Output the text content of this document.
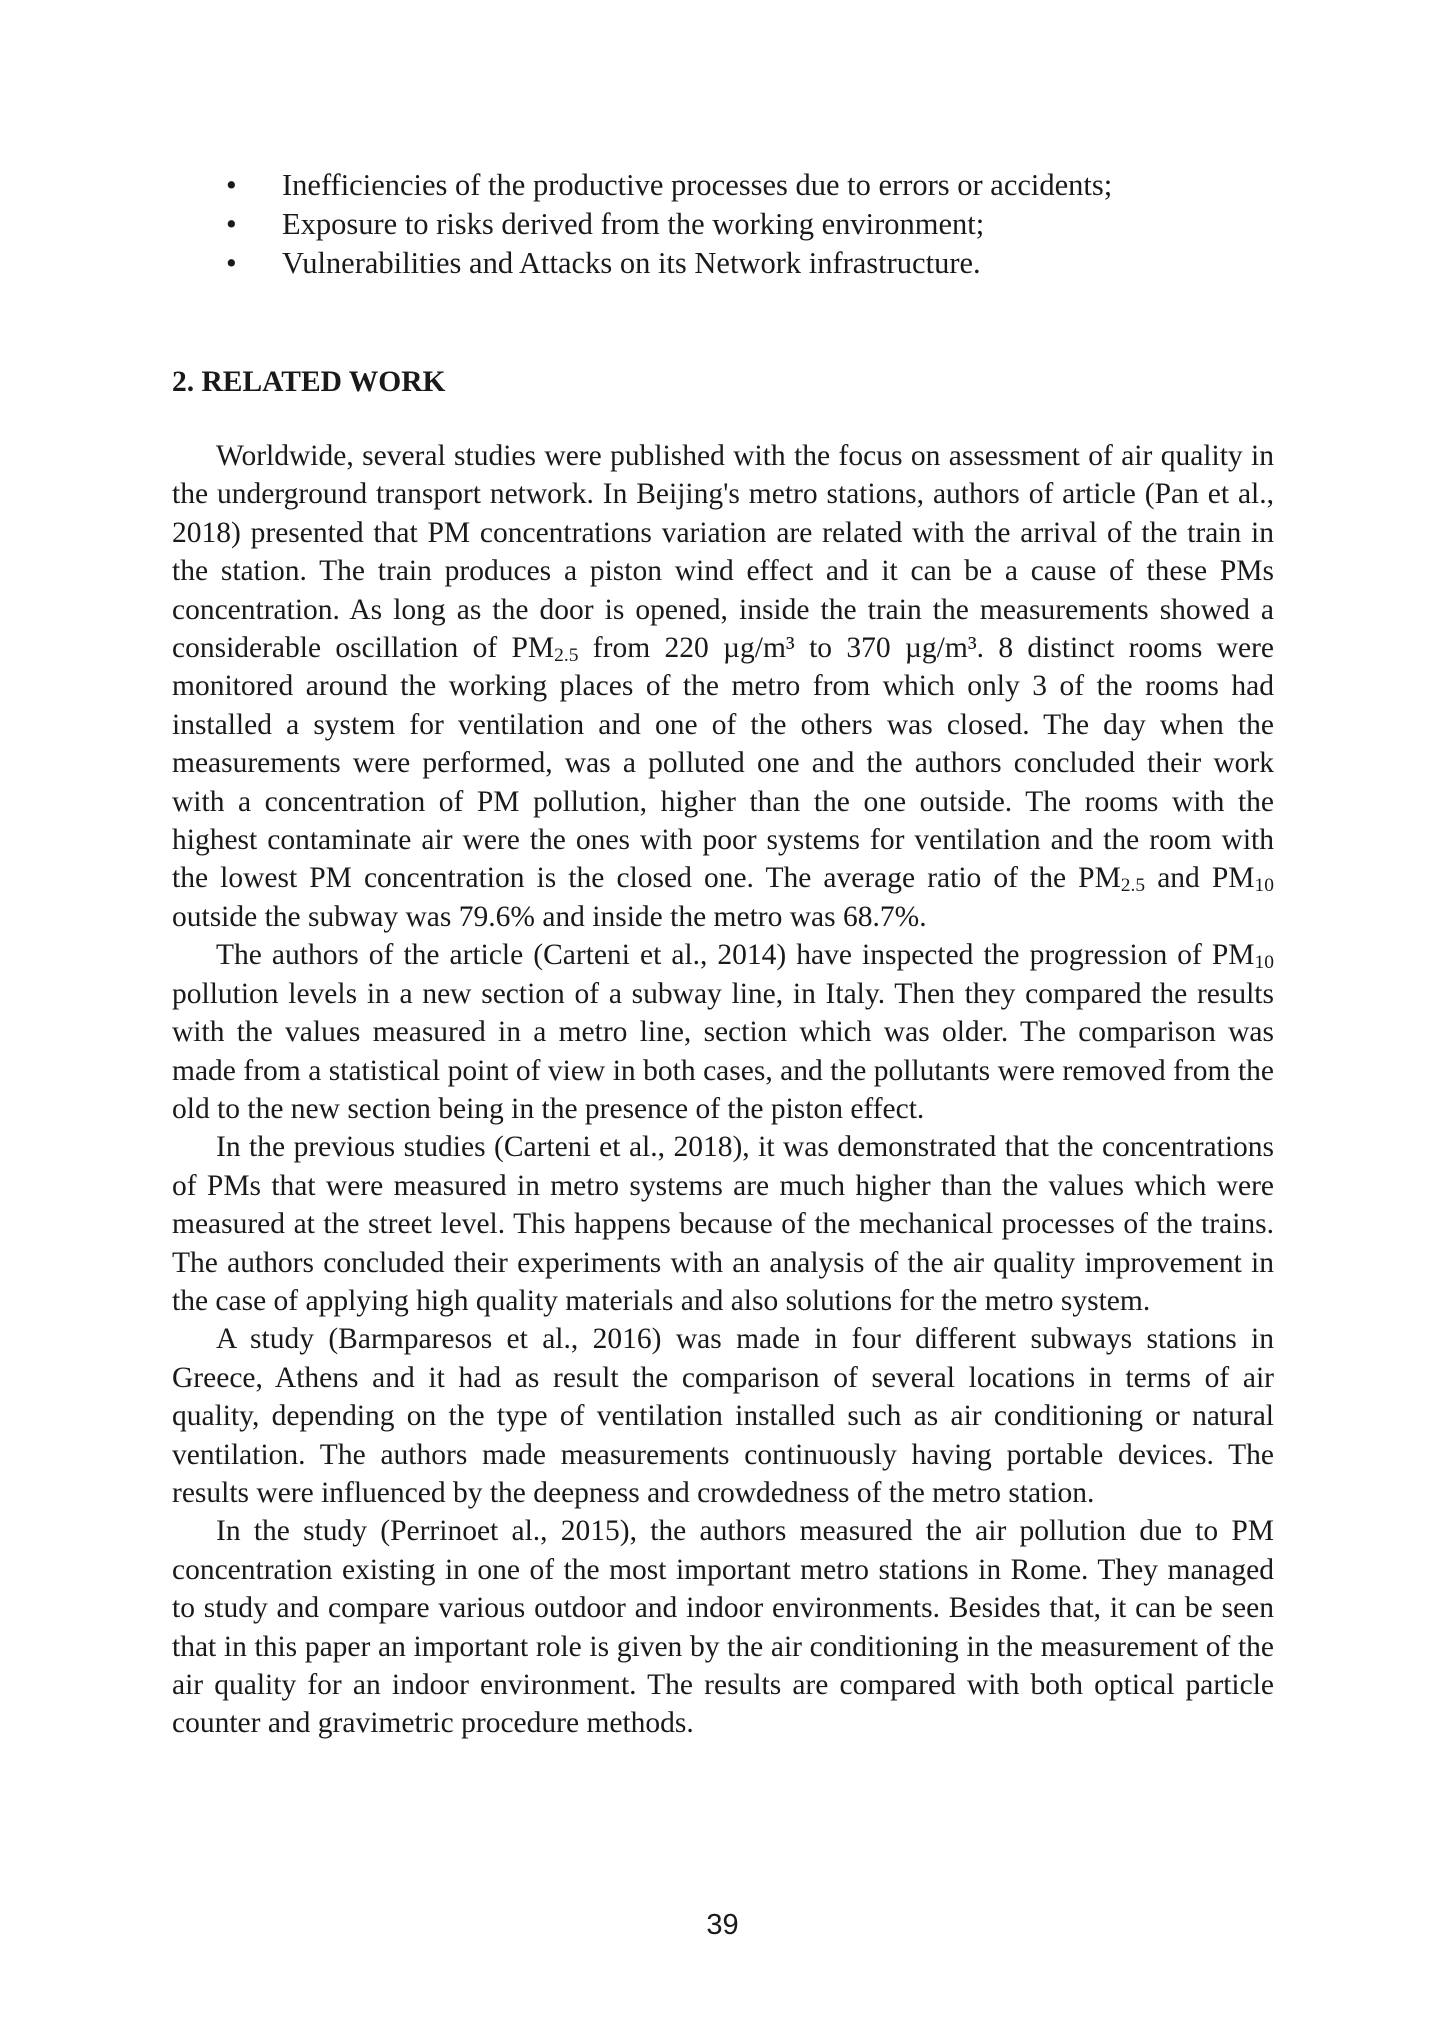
• Inefficiencies of the productive processes due to errors or accidents;
• Exposure to risks derived from the working environment;
• Vulnerabilities and Attacks on its Network infrastructure.
2. RELATED WORK

Worldwide, several studies were published with the focus on assessment of air quality in the underground transport network. In Beijing's metro stations, authors of article (Pan et al., 2018) presented that PM concentrations variation are related with the arrival of the train in the station. The train produces a piston wind effect and it can be a cause of these PMs concentration. As long as the door is opened, inside the train the measurements showed a considerable oscillation of $PM_{2.5}$ from 220 µg/m³ to 370 µg/m³. 8 distinct rooms were monitored around the working places of the metro from which only 3 of the rooms had installed a system for ventilation and one of the others was closed. The day when the measurements were performed, was a polluted one and the authors concluded their work with a concentration of PM pollution, higher than the one outside. The rooms with the highest contaminate air were the ones with poor systems for ventilation and the room with the lowest PM concentration is the closed one. The average ratio of the $PM_{2.5}$ and $PM_{10}$ outside the subway was 79.6% and inside the metro was 68.7%.

The authors of the article (Carteni et al., 2014) have inspected the progression of $PM_{10}$ pollution levels in a new section of a subway line, in Italy. Then they compared the results with the values measured in a metro line, section which was older. The comparison was made from a statistical point of view in both cases, and the pollutants were removed from the old to the new section being in the presence of the piston effect.

In the previous studies (Carteni et al., 2018), it was demonstrated that the concentrations of PMs that were measured in metro systems are much higher than the values which were measured at the street level. This happens because of the mechanical processes of the trains. The authors concluded their experiments with an analysis of the air quality improvement in the case of applying high quality materials and also solutions for the metro system.

A study (Barmparesos et al., 2016) was made in four different subways stations in Greece, Athens and it had as result the comparison of several locations in terms of air quality, depending on the type of ventilation installed such as air conditioning or natural ventilation. The authors made measurements continuously having portable devices. The results were influenced by the deepness and crowdedness of the metro station.

In the study (Perrinoet al., 2015), the authors measured the air pollution due to PM concentration existing in one of the most important metro stations in Rome. They managed to study and compare various outdoor and indoor environments. Besides that, it can be seen that in this paper an important role is given by the air conditioning in the measurement of the air quality for an indoor environment. The results are compared with both optical particle counter and gravimetric procedure methods.

39
